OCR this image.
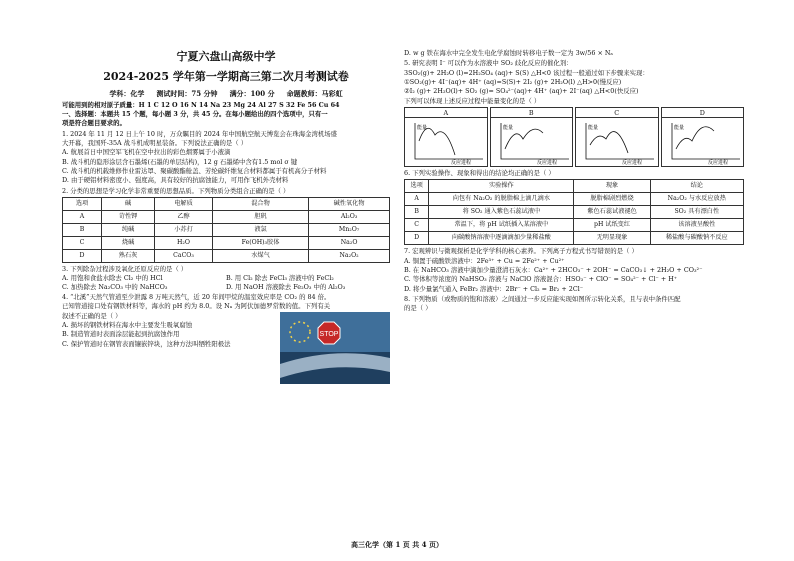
宁夏六盘山高级中学

2024-2025 学年第一学期高三第二次月考测试卷

学科：化学 测试时间：75 分钟 满分：100 分 命题教师：马彩虹
可能用到的相对原子质量：H 1 C 12 O 16 N 14 Na 23 Mg 24 Al 27 S 32 Fe 56 Cu 64
一、选择题：本题共 15 个题，每小题 3 分，共 45 分。在每小题给出的四个选项中，只有一
项是符合题目要求的。
1. 2024 年 11 月 12 日上午 10 时，万众瞩目的 2024 年中国航空航天博览会在珠海金湾机场盛
大开幕，我国歼-35A 战斗机成明星装备。下列说法正确的是（ ）
A. 航展首日中国空军飞机在空中拉出的彩色烟雾属于小液滴
B. 战斗机的隐形涂层含石墨烯(石墨的单层结构)，12 g 石墨烯中含有1.5 mol σ 键
C. 战斗机的机载维修作业雷达罩、聚碳酸酯舱盖、芳纶碳纤维复合材料都属于有机高分子材料
D. 由于硬铝材料密度小、强度高，具有较好的抗腐蚀能力，可用作飞机外壳材料
2. 分类的思想是学习化学非常重要的思想品质。下列物质分类组合正确的是（ ）
选项	碱	电解质	混合物	碱性氧化物
A	苛性钾	乙醇	胆矾	Al₂O₃
B	纯碱	小苏打	液氯	Mn₂O₇
C	烧碱	H₂O	Fe(OH)₃胶体	Na₂O
D	熟石灰	CaCO₃	水煤气	Na₂O₂
3. 下列除杂过程涉及氧化还原反应的是（ ）
A. 用饱和食盐水除去 Cl₂ 中的 HCl	B. 用 Cl₂ 除去 FeCl₃ 溶液中的 FeCl₂
C. 加热除去 Na₂CO₃ 中的 NaHCO₃	D. 用 NaOH 溶液除去 Fe₂O₃ 中的 Al₂O₃
4. “北溪”天然气管道至少泄露 8 万吨天然气，近 20 年间甲烷的温室效应率是 CO₂ 的 84 倍。
已知管道接口处有钢铁材料等，海水的 pH 约为 8.0。设 Nₐ 为阿伏加德罗常数的值。下列有关
STOP
叙述不正确的是（ ）
A. 损坏的钢铁材料在海水中主要发生吸氧腐蚀
B. 制造管道时表面涂层能起到抗腐蚀作用
C. 保护管道时在钢管表面镶嵌锌块，这种方法叫牺牲阳极法
D. w g 铁在海水中完全发生电化学腐蚀时转移电子数一定为 3w/56 × Nₐ
5. 研究表明 I⁻ 可以作为水溶液中 SO₂ 歧化反应的催化剂：
3SO₂(g)+ 2H₂O (l)=2H₂SO₄ (aq)+ S(S) △H<0 该过程一般通过如下步骤来实现：
①SO₂(g)+ 4I⁻(aq)+ 4H⁺ (aq)=S(S)+ 2I₂ (g)+ 2H₂O(l) △H>0(慢反应)
②I₂ (g)+ 2H₂O(l)+ SO₂ (g)= SO₄²⁻(aq)+ 4H⁺ (aq)+ 2I⁻(aq) △H<0(快反应)
下列可以体现上述反应过程中能量变化的是（ ）
A
能量
反应进程
B
能量
反应进程
C
能量
反应进程
D
能量
反应进程
6. 下列实验操作、现象和得出的结论均正确的是（ ）
选项	实验操作	现象	结论
A	向包有 Na₂O₂ 的脱脂棉上滴几滴水	脱脂棉剧烈燃烧	Na₂O₂ 与水反应放热
B	将 SO₂ 通入紫色石蕊试液中	紫色石蕊试液褪色	SO₂ 具有漂白性
C	常温下，将 pH 试纸插入某溶液中	pH 试纸变红	该溶液呈酸性
D	向碳酸钠溶液中逐滴滴加少量稀盐酸	无明显现象	稀盐酸与碳酸钠不反应
7. 宏观辨识与微观探析是化学学科的核心素养。下列离子方程式书写错误的是（ ）
A. 铜置于硫酸铁溶液中：2Fe³⁺ + Cu = 2Fe²⁺ + Cu²⁺
B. 在 NaHCO₃ 溶液中滴加少量澄清石灰水：Ca²⁺ + 2HCO₃⁻ + 2OH⁻ = CaCO₃↓ + 2H₂O + CO₃²⁻
C. 等体积等浓度的 NaHSO₃ 溶液与 NaClO 溶液混合：HSO₃⁻ + ClO⁻ = SO₄²⁻ + Cl⁻ + H⁺
D. 将少量氯气通入 FeBr₂ 溶液中：2Br⁻ + Cl₂ = Br₂ + 2Cl⁻
8. 下列物质（或物质的饱和溶液）之间通过一步反应能实现如图所示转化关系，且与表中条件匹配
的是（ ）
高三化学（第 1 页 共 4 页）
